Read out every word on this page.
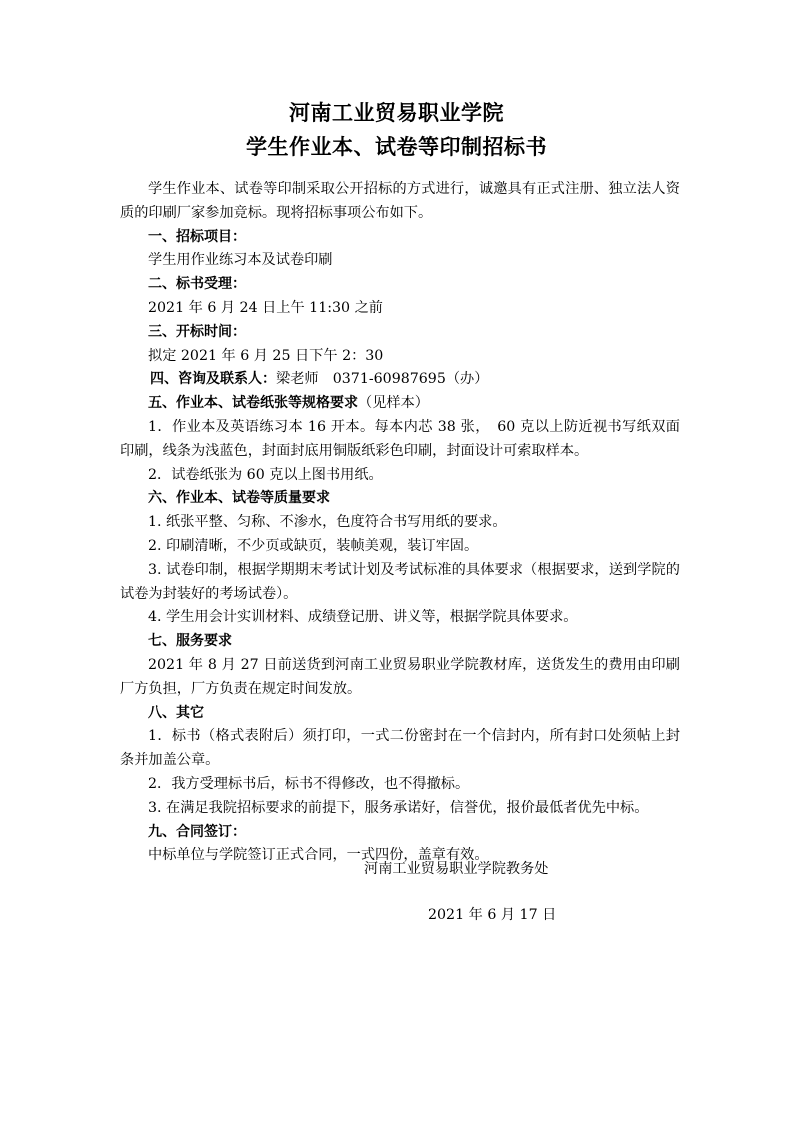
河南工业贸易职业学院
学生作业本、试卷等印制招标书
学生作业本、试卷等印制采取公开招标的方式进行，诚邀具有正式注册、独立法人资质的印刷厂家参加竞标。现将招标事项公布如下。
一、招标项目：
学生用作业练习本及试卷印刷
二、标书受理：
2021 年 6 月 24 日上午 11:30 之前
三、开标时间：
拟定 2021 年 6 月 25 日下午 2：30
四、咨询及联系人：梁老师　0371-60987695（办）
五、作业本、试卷纸张等规格要求（见样本）
1．作业本及英语练习本 16 开本。每本内芯 38 张，　60 克以上防近视书写纸双面印刷，线条为浅蓝色，封面封底用铜版纸彩色印刷，封面设计可索取样本。
2．试卷纸张为 60 克以上图书用纸。
六、作业本、试卷等质量要求
1. 纸张平整、匀称、不渗水，色度符合书写用纸的要求。
2. 印刷清晰，不少页或缺页，装帧美观，装订牢固。
3. 试卷印制，根据学期期末考试计划及考试标准的具体要求（根据要求，送到学院的试卷为封装好的考场试卷）。
4. 学生用会计实训材料、成绩登记册、讲义等，根据学院具体要求。
七、服务要求
2021 年 8 月 27 日前送货到河南工业贸易职业学院教材库，送货发生的费用由印刷厂方负担，厂方负责在规定时间发放。
八、其它
1．标书（格式表附后）须打印，一式二份密封在一个信封内，所有封口处须帖上封条并加盖公章。
2．我方受理标书后，标书不得修改，也不得撤标。
3. 在满足我院招标要求的前提下，服务承诺好，信誉优，报价最低者优先中标。
九、合同签订：
中标单位与学院签订正式合同，一式四份，盖章有效。
河南工业贸易职业学院教务处
2021 年 6 月 17 日
